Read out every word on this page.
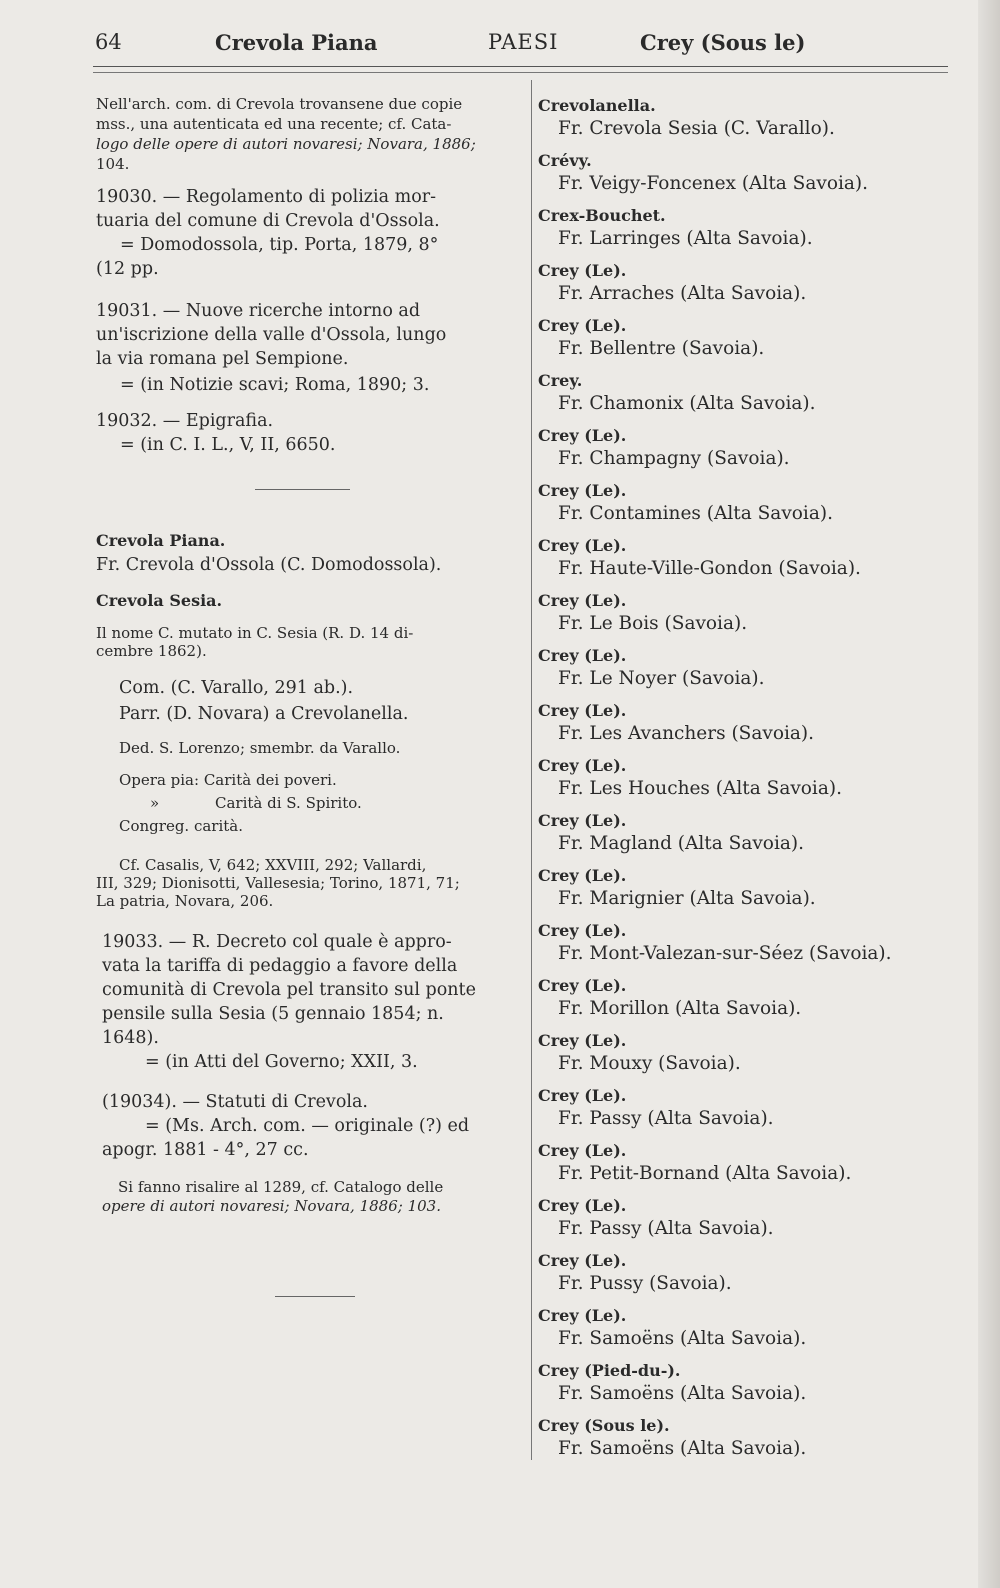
64	Crevola Piana	PAESI	Crey (Sous le)
Nell'arch. com. di Crevola trovansene due copie
mss., una autenticata ed una recente; cf. Cata-
logo delle opere di autori novaresi; Novara, 1886;
104.
19030. — Regolamento di polizia mor-
tuaria del comune di Crevola d'Ossola.
= Domodossola, tip. Porta, 1879, 8°
(12 pp.
19031. — Nuove ricerche intorno ad
un'iscrizione della valle d'Ossola, lungo
la via romana pel Sempione.
= (in Notizie scavi; Roma, 1890; 3.
19032. — Epigrafia.
= (in C. I. L., V, II, 6650.
Crevola Piana.
Fr. Crevola d'Ossola (C. Domodossola).
Crevola Sesia.
Il nome C. mutato in C. Sesia (R. D. 14 di-
cembre 1862).
Com. (C. Varallo, 291 ab.).
Parr. (D. Novara) a Crevolanella.
Ded. S. Lorenzo; smembr. da Varallo.
Opera pia: Carità dei poveri.
»	Carità di S. Spirito.
Congreg. carità.
Cf. Casalis, V, 642; XXVIII, 292; Vallardi,
III, 329; Dionisotti, Vallesesia; Torino, 1871, 71;
La patria, Novara, 206.
19033. — R. Decreto col quale è appro-
vata la tariffa di pedaggio a favore della
comunità di Crevola pel transito sul ponte
pensile sulla Sesia (5 gennaio 1854; n.
1648).
= (in Atti del Governo; XXII, 3.
(19034). — Statuti di Crevola.
= (Ms. Arch. com. — originale (?) ed
apogr. 1881 - 4°, 27 cc.
Si fanno risalire al 1289, cf. Catalogo delle
opere di autori novaresi; Novara, 1886; 103.
Crevolanella.
Fr. Crevola Sesia (C. Varallo).
Crévy.
Fr. Veigy-Foncenex (Alta Savoia).
Crex-Bouchet.
Fr. Larringes (Alta Savoia).
Crey (Le).
Fr. Arraches (Alta Savoia).
Crey (Le).
Fr. Bellentre (Savoia).
Crey.
Fr. Chamonix (Alta Savoia).
Crey (Le).
Fr. Champagny (Savoia).
Crey (Le).
Fr. Contamines (Alta Savoia).
Crey (Le).
Fr. Haute-Ville-Gondon (Savoia).
Crey (Le).
Fr. Le Bois (Savoia).
Crey (Le).
Fr. Le Noyer (Savoia).
Crey (Le).
Fr. Les Avanchers (Savoia).
Crey (Le).
Fr. Les Houches (Alta Savoia).
Crey (Le).
Fr. Magland (Alta Savoia).
Crey (Le).
Fr. Marignier (Alta Savoia).
Crey (Le).
Fr. Mont-Valezan-sur-Séez (Savoia).
Crey (Le).
Fr. Morillon (Alta Savoia).
Crey (Le).
Fr. Mouxy (Savoia).
Crey (Le).
Fr. Passy (Alta Savoia).
Crey (Le).
Fr. Petit-Bornand (Alta Savoia).
Crey (Le).
Fr. Passy (Alta Savoia).
Crey (Le).
Fr. Pussy (Savoia).
Crey (Le).
Fr. Samoëns (Alta Savoia).
Crey (Pied-du-).
Fr. Samoëns (Alta Savoia).
Crey (Sous le).
Fr. Samoëns (Alta Savoia).
